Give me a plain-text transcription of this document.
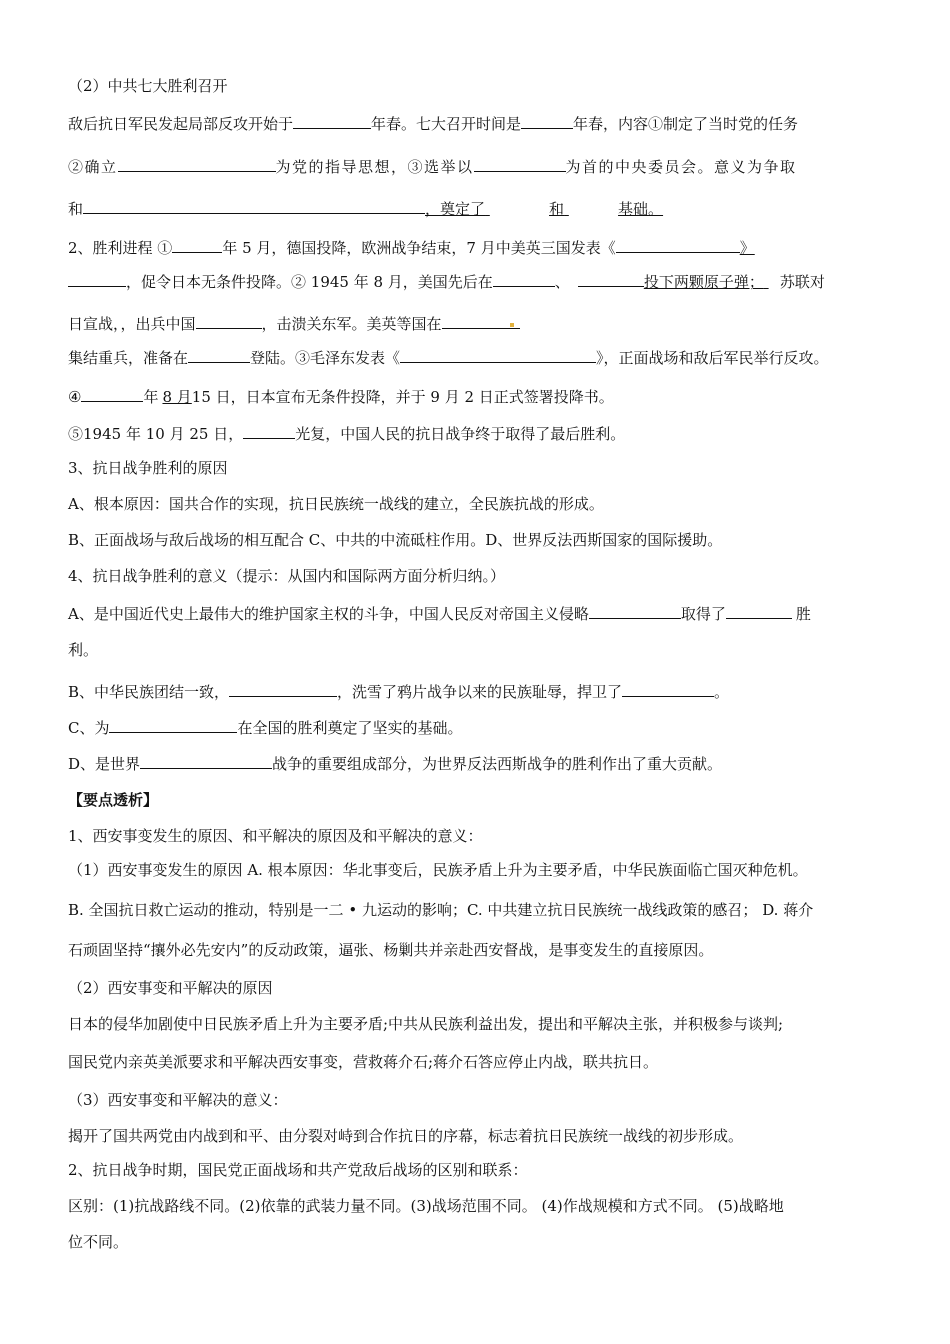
（2）中共七大胜利召开
敌后抗日军民发起局部反攻开始于	年春。七大召开时间是	年春，内容①制定了当时党的任务
②确立	为党的指导思想，③选举以	为首的中央委员会。意义为争取
和	，奠定了	和	基础。
2、胜利进程 ①	年 5 月，德国投降，欧洲战争结束，7 月中美英三国发表《	》
，促令日本无条件投降。② 1945 年 8 月，美国先后在	、	投下两颗原子弹； 苏联对
日宣战，，出兵中国	，击溃关东军。美英等国在
集结重兵，准备在	登陆。③毛泽东发表《	》，正面战场和敌后军民举行反攻。
④	年 8 月15 日，日本宣布无条件投降，并于 9 月 2 日正式签署投降书。
⑤1945 年 10 月 25 日，	光复，中国人民的抗日战争终于取得了最后胜利。
3、抗日战争胜利的原因
A、根本原因：国共合作的实现，抗日民族统一战线的建立，全民族抗战的形成。
B、正面战场与敌后战场的相互配合 C、中共的中流砥柱作用。D、世界反法西斯国家的国际援助。
4、抗日战争胜利的意义（提示：从国内和国际两方面分析归纳。）
A、是中国近代史上最伟大的维护国家主权的斗争，中国人民反对帝国主义侵略	取得了	胜
利。
B、中华民族团结一致，	，洗雪了鸦片战争以来的民族耻辱，捍卫了	。
C、为	在全国的胜利奠定了坚实的基础。
D、是世界	战争的重要组成部分，为世界反法西斯战争的胜利作出了重大贡献。
【要点透析】
1、西安事变发生的原因、和平解决的原因及和平解决的意义：
（1）西安事变发生的原因 A. 根本原因：华北事变后，民族矛盾上升为主要矛盾，中华民族面临亡国灭种危机。
B. 全国抗日救亡运动的推动，特别是一二 • 九运动的影响；C. 中共建立抗日民族统一战线政策的感召； D. 蒋介
石顽固坚持“攘外必先安内”的反动政策，逼张、杨剿共并亲赴西安督战，是事变发生的直接原因。
（2）西安事变和平解决的原因
日本的侵华加剧使中日民族矛盾上升为主要矛盾;中共从民族利益出发，提出和平解决主张，并积极参与谈判;
国民党内亲英美派要求和平解决西安事变，营救蒋介石;蒋介石答应停止内战，联共抗日。
（3）西安事变和平解决的意义：
揭开了国共两党由内战到和平、由分裂对峙到合作抗日的序幕，标志着抗日民族统一战线的初步形成。
2、抗日战争时期，国民党正面战场和共产党敌后战场的区别和联系：
区别：(1)抗战路线不同。(2)依靠的武装力量不同。(3)战场范围不同。 (4)作战规模和方式不同。 (5)战略地
位不同。
